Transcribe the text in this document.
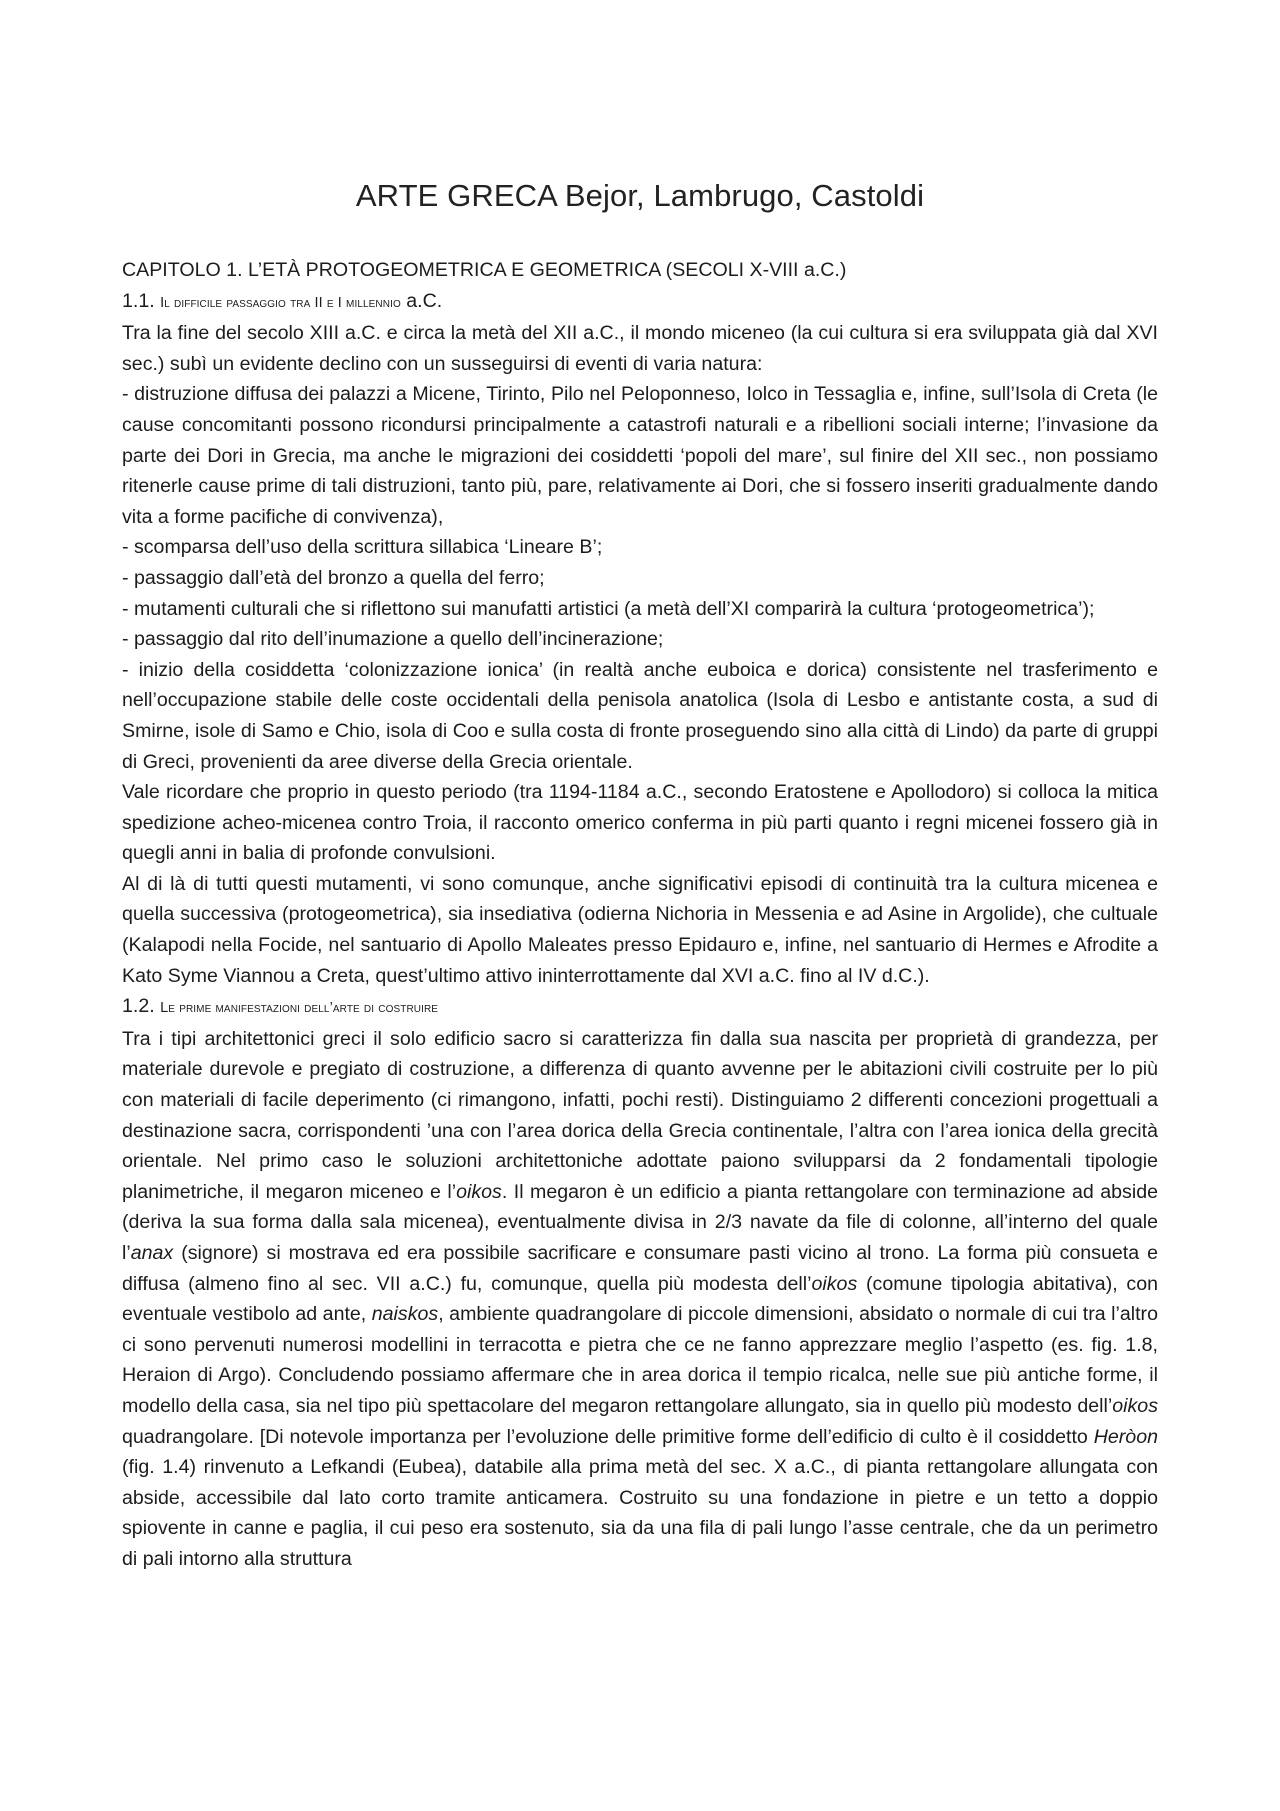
ARTE GRECA Bejor, Lambrugo, Castoldi

CAPITOLO 1. L’ETÀ PROTOGEOMETRICA E GEOMETRICA (SECOLI X-VIII a.C.)

1.1. Il difficile passaggio tra II e I millennio a.C.

Tra la fine del secolo XIII a.C. e circa la metà del XII a.C., il mondo miceneo (la cui cultura si era sviluppata già dal XVI sec.) subì un evidente declino con un susseguirsi di eventi di varia natura:

- distruzione diffusa dei palazzi a Micene, Tirinto, Pilo nel Peloponneso, Iolco in Tessaglia e, infine, sull’Isola di Creta (le cause concomitanti possono ricondursi principalmente a catastrofi naturali e a ribellioni sociali interne; l’invasione da parte dei Dori in Grecia, ma anche le migrazioni dei cosiddetti ‘popoli del mare’, sul finire del XII sec., non possiamo ritenerle cause prime di tali distruzioni, tanto più, pare, relativamente ai Dori, che si fossero inseriti gradualmente dando vita a forme pacifiche di convivenza),

- scomparsa dell’uso della scrittura sillabica ‘Lineare B’;

- passaggio dall’età del bronzo a quella del ferro;

- mutamenti culturali che si riflettono sui manufatti artistici (a metà dell’XI comparirà la cultura ‘protogeometrica’);

- passaggio dal rito dell’inumazione a quello dell’incinerazione;

- inizio della cosiddetta ‘colonizzazione ionica’ (in realtà anche euboica e dorica) consistente nel trasferimento e nell’occupazione stabile delle coste occidentali della penisola anatolica (Isola di Lesbo e antistante costa, a sud di Smirne, isole di Samo e Chio, isola di Coo e sulla costa di fronte proseguendo sino alla città di Lindo) da parte di gruppi di Greci, provenienti da aree diverse della Grecia orientale.

Vale ricordare che proprio in questo periodo (tra 1194-1184 a.C., secondo Eratostene e Apollodoro) si colloca la mitica spedizione acheo-micenea contro Troia, il racconto omerico conferma in più parti quanto i regni micenei fossero già in quegli anni in balia di profonde convulsioni.

Al di là di tutti questi mutamenti, vi sono comunque, anche significativi episodi di continuità tra la cultura micenea e quella successiva (protogeometrica), sia insediativa (odierna Nichoria in Messenia e ad Asine in Argolide), che cultuale (Kalapodi nella Focide, nel santuario di Apollo Maleates presso Epidauro e, infine, nel santuario di Hermes e Afrodite a Kato Syme Viannou a Creta, quest’ultimo attivo ininterrottamente dal XVI a.C. fino al IV d.C.).

1.2. Le prime manifestazioni dell’arte di costruire

Tra i tipi architettonici greci il solo edificio sacro si caratterizza fin dalla sua nascita per proprietà di grandezza, per materiale durevole e pregiato di costruzione, a differenza di quanto avvenne per le abitazioni civili costruite per lo più con materiali di facile deperimento (ci rimangono, infatti, pochi resti). Distinguiamo 2 differenti concezioni progettuali a destinazione sacra, corrispondenti ’una con l’area dorica della Grecia continentale, l’altra con l’area ionica della grecità orientale. Nel primo caso le soluzioni architettoniche adottate paiono svilupparsi da 2 fondamentali tipologie planimetriche, il megaron miceneo e l’oikos. Il megaron è un edificio a pianta rettangolare con terminazione ad abside (deriva la sua forma dalla sala micenea), eventualmente divisa in 2/3 navate da file di colonne, all’interno del quale l’anax (signore) si mostrava ed era possibile sacrificare e consumare pasti vicino al trono. La forma più consueta e diffusa (almeno fino al sec. VII a.C.) fu, comunque, quella più modesta dell’oikos (comune tipologia abitativa), con eventuale vestibolo ad ante, naiskos, ambiente quadrangolare di piccole dimensioni, absidato o normale di cui tra l’altro ci sono pervenuti numerosi modellini in terracotta e pietra che ce ne fanno apprezzare meglio l’aspetto (es. fig. 1.8, Heraion di Argo). Concludendo possiamo affermare che in area dorica il tempio ricalca, nelle sue più antiche forme, il modello della casa, sia nel tipo più spettacolare del megaron rettangolare allungato, sia in quello più modesto dell’oikos quadrangolare. [Di notevole importanza per l’evoluzione delle primitive forme dell’edificio di culto è il cosiddetto Heròon (fig. 1.4) rinvenuto a Lefkandi (Eubea), databile alla prima metà del sec. X a.C., di pianta rettangolare allungata con abside, accessibile dal lato corto tramite anticamera. Costruito su una fondazione in pietre e un tetto a doppio spiovente in canne e paglia, il cui peso era sostenuto, sia da una fila di pali lungo l’asse centrale, che da un perimetro di pali intorno alla struttura
